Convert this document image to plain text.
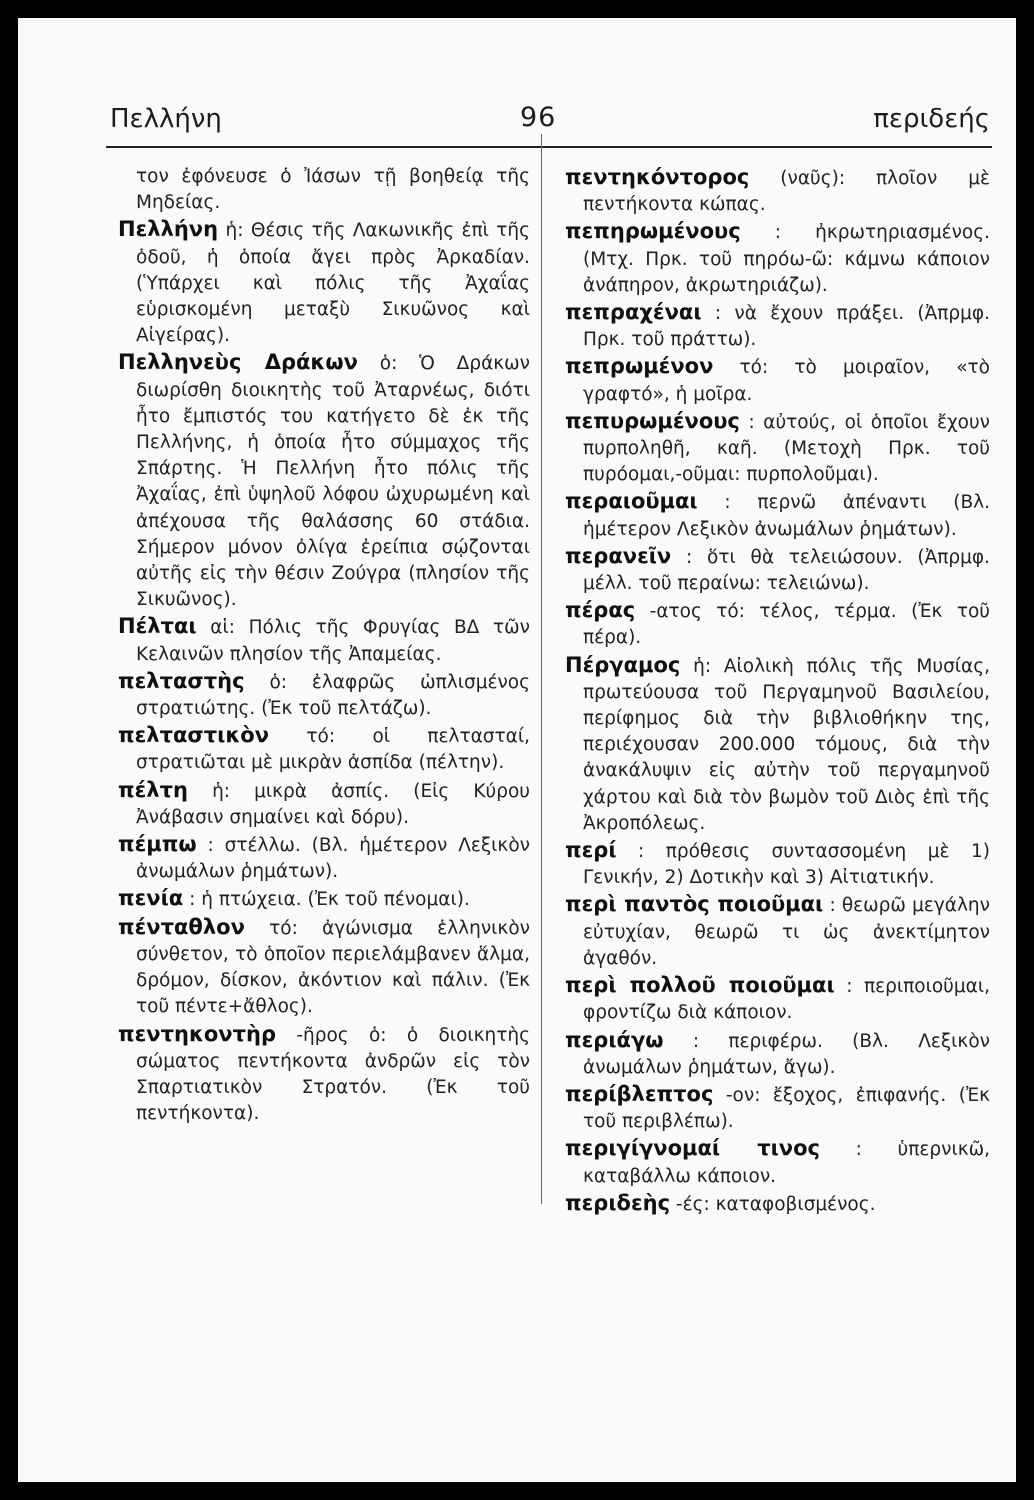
Πελλήνη	96	περιδεής

τον ἐφόνευσε ὁ Ἰάσων τῇ βοηθείᾳ τῆς Μηδείας.

Πελλήνη ἡ: Θέσις τῆς Λακωνικῆς ἐπὶ τῆς ὁδοῦ, ἡ ὁποία ἄγει πρὸς Ἀρκαδίαν. (Ὑπάρχει καὶ πόλις τῆς Ἀχαΐας εὑρισκομένη μεταξὺ Σικυῶνος καὶ Αἰγείρας).

Πελληνεὺς Δράκων ὁ: Ὁ Δράκων διωρίσθη διοικητὴς τοῦ Ἀταρνέως, διότι ἦτο ἔμπιστός του κατήγετο δὲ ἐκ τῆς Πελλήνης, ἡ ὁποία ἦτο σύμμαχος τῆς Σπάρτης. Ἡ Πελλήνη ἦτο πόλις τῆς Ἀχαΐας, ἐπὶ ὑψηλοῦ λόφου ὠχυρωμένη καὶ ἀπέχουσα τῆς θαλάσσης 60 στάδια. Σήμερον μόνον ὀλίγα ἐρείπια σῴζονται αὐτῆς εἰς τὴν θέσιν Ζούγρα (πλησίον τῆς Σικυῶνος).

Πέλται αἱ: Πόλις τῆς Φρυγίας ΒΔ τῶν Κελαινῶν πλησίον τῆς Ἀπαμείας.

πελταστὴς ὁ: ἐλαφρῶς ὡπλισμένος στρατιώτης. (Ἐκ τοῦ πελτάζω).

πελταστικὸν τό: οἱ πελτασταί, στρατιῶται μὲ μικρὰν ἀσπίδα (πέλτην).

πέλτη ἡ: μικρὰ ἀσπίς. (Εἰς Κύρου Ἀνάβασιν σημαίνει καὶ δόρυ).

πέμπω : στέλλω. (Βλ. ἡμέτερον Λεξικὸν ἀνωμάλων ῥημάτων).

πενία : ἡ πτώχεια. (Ἐκ τοῦ πένομαι).

πένταθλον τό: ἀγώνισμα ἑλληνικὸν σύνθετον, τὸ ὁποῖον περιελάμβανεν ἅλμα, δρόμον, δίσκον, ἀκόντιον καὶ πάλιν. (Ἐκ τοῦ πέντε+ἄθλος).

πεντηκοντὴρ -ῆρος ὁ: ὁ διοικητὴς σώματος πεντήκοντα ἀνδρῶν εἰς τὸν Σπαρτιατικὸν Στρατόν. (Ἐκ τοῦ πεντήκοντα).

πεντηκόντορος (ναῦς): πλοῖον μὲ πεντήκοντα κώπας.

πεπηρωμένους : ἠκρωτηριασμένος. (Μτχ. Πρκ. τοῦ πηρόω-ῶ: κάμνω κάποιον ἀνάπηρον, ἀκρωτηριάζω).

πεπραχέναι : νὰ ἔχουν πράξει. (Ἀπρμφ. Πρκ. τοῦ πράττω).

πεπρωμένον τό: τὸ μοιραῖον, «τὸ γραφτό», ἡ μοῖρα.

πεπυρωμένους : αὐτούς, οἱ ὁποῖοι ἔχουν πυρποληθῆ, καῆ. (Μετοχὴ Πρκ. τοῦ πυρόομαι,-οῦμαι: πυρπολοῦμαι).

περαιοῦμαι : περνῶ ἀπέναντι (Βλ. ἡμέτερον Λεξικὸν ἀνωμάλων ῥημάτων).

περανεῖν : ὅτι θὰ τελειώσουν. (Ἀπρμφ. μέλλ. τοῦ περαίνω: τελειώνω).

πέρας -ατος τό: τέλος, τέρμα. (Ἐκ τοῦ πέρα).

Πέργαμος ἡ: Αἰολικὴ πόλις τῆς Μυσίας, πρωτεύουσα τοῦ Περγαμηνοῦ Βασιλείου, περίφημος διὰ τὴν βιβλιοθήκην της, περιέχουσαν 200.000 τόμους, διὰ τὴν ἀνακάλυψιν εἰς αὐτὴν τοῦ περγαμηνοῦ χάρτου καὶ διὰ τὸν βωμὸν τοῦ Διὸς ἐπὶ τῆς Ἀκροπόλεως.

περί : πρόθεσις συντασσομένη μὲ 1) Γενικήν, 2) Δοτικὴν καὶ 3) Αἰτιατικήν.

περὶ παντὸς ποιοῦμαι : θεωρῶ μεγάλην εὐτυχίαν, θεωρῶ τι ὡς ἀνεκτίμητον ἀγαθόν.

περὶ πολλοῦ ποιοῦμαι : περιποιοῦμαι, φροντίζω διὰ κάποιον.

περιάγω : περιφέρω. (Βλ. Λεξικὸν ἀνωμάλων ῥημάτων, ἄγω).

περίβλεπτος -ον: ἔξοχος, ἐπιφανής. (Ἐκ τοῦ περιβλέπω).

περιγίγνομαί τινος : ὑπερνικῶ, καταβάλλω κάποιον.

περιδεὴς -ές: καταφοβισμένος.
